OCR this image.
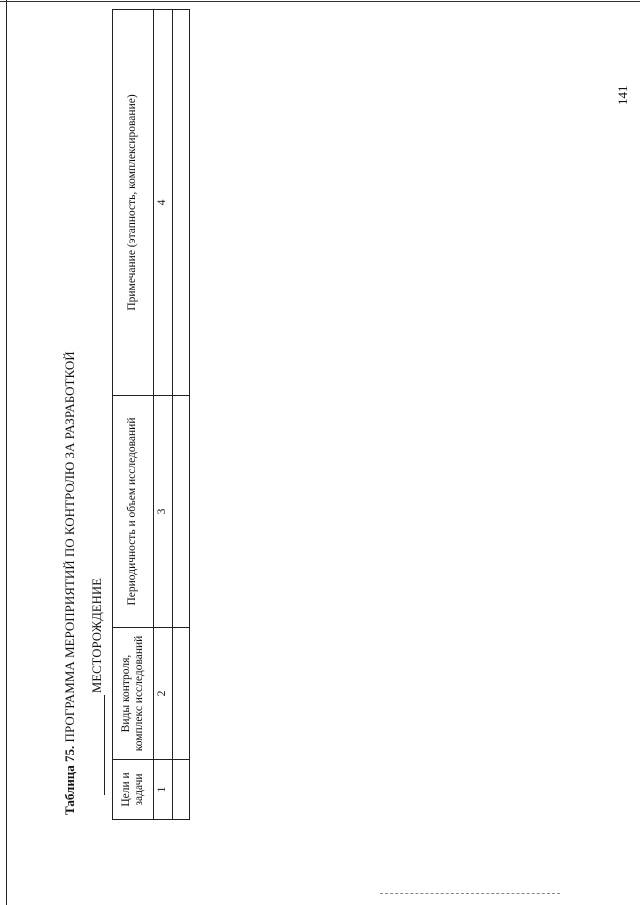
Таблица 75. ПРОГРАММА МЕРОПРИЯТИЙ ПО КОНТРОЛЮ ЗА РАЗРАБОТКОЙ МЕСТОРОЖДЕНИЕ
Цели и задачи	Виды контроля, комплекс исследований	Периодичность и объем исследований	Примечание (этапность, комплексирование)
1	2	3	4

141
